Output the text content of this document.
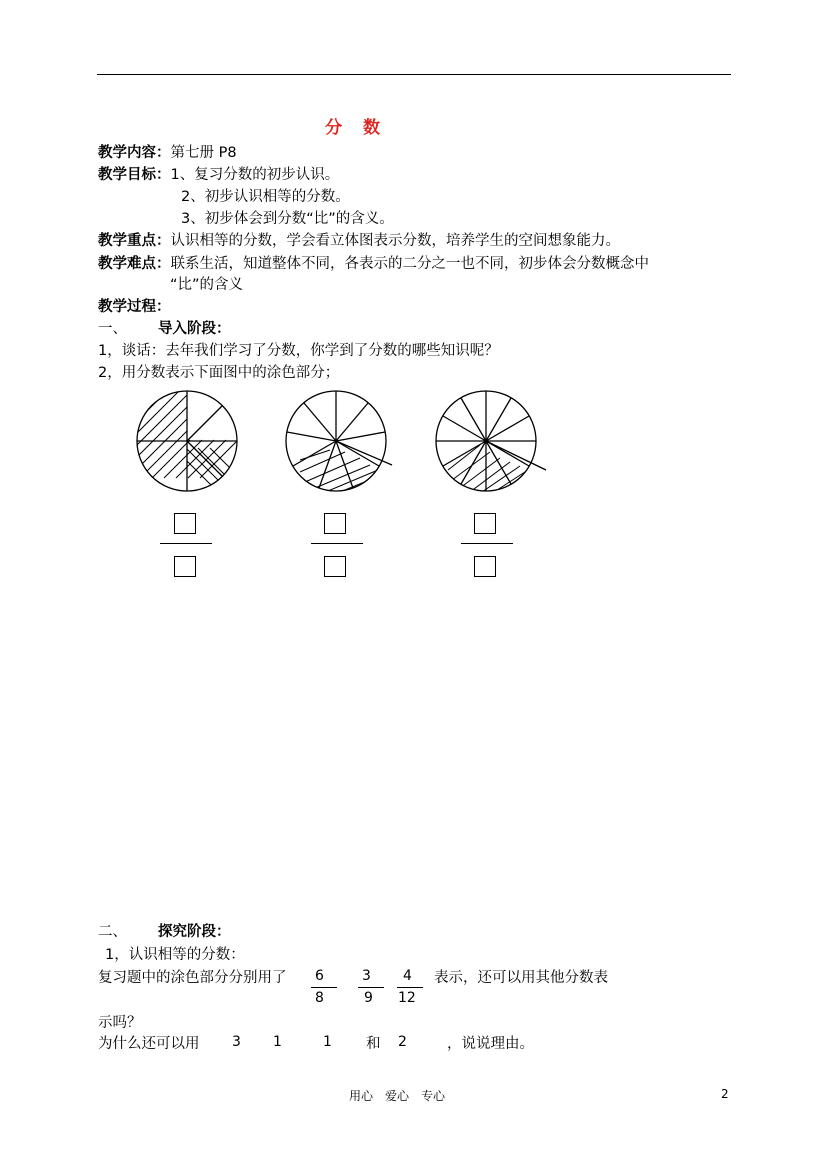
分　数
教学内容：第七册 P8
教学目标：1、复习分数的初步认识。
2、初步认识相等的分数。
3、初步体会到分数“比”的含义。
教学重点：认识相等的分数，学会看立体图表示分数，培养学生的空间想象能力。
教学难点：联系生活，知道整体不同，各表示的二分之一也不同，初步体会分数概念中
“比”的含义
教学过程：
一、 导入阶段：
1，谈话：去年我们学习了分数，你学到了分数的哪些知识呢？
2，用分数表示下面图中的涂色部分；
二、 探究阶段：
1，认识相等的分数：
复习题中的涂色部分分别用了 6
8
3
9
4
12
表示，还可以用其他分数表
示吗？
为什么还可以用 3 1	1 和 2	，说说理由。
用心　爱心　专心	2
